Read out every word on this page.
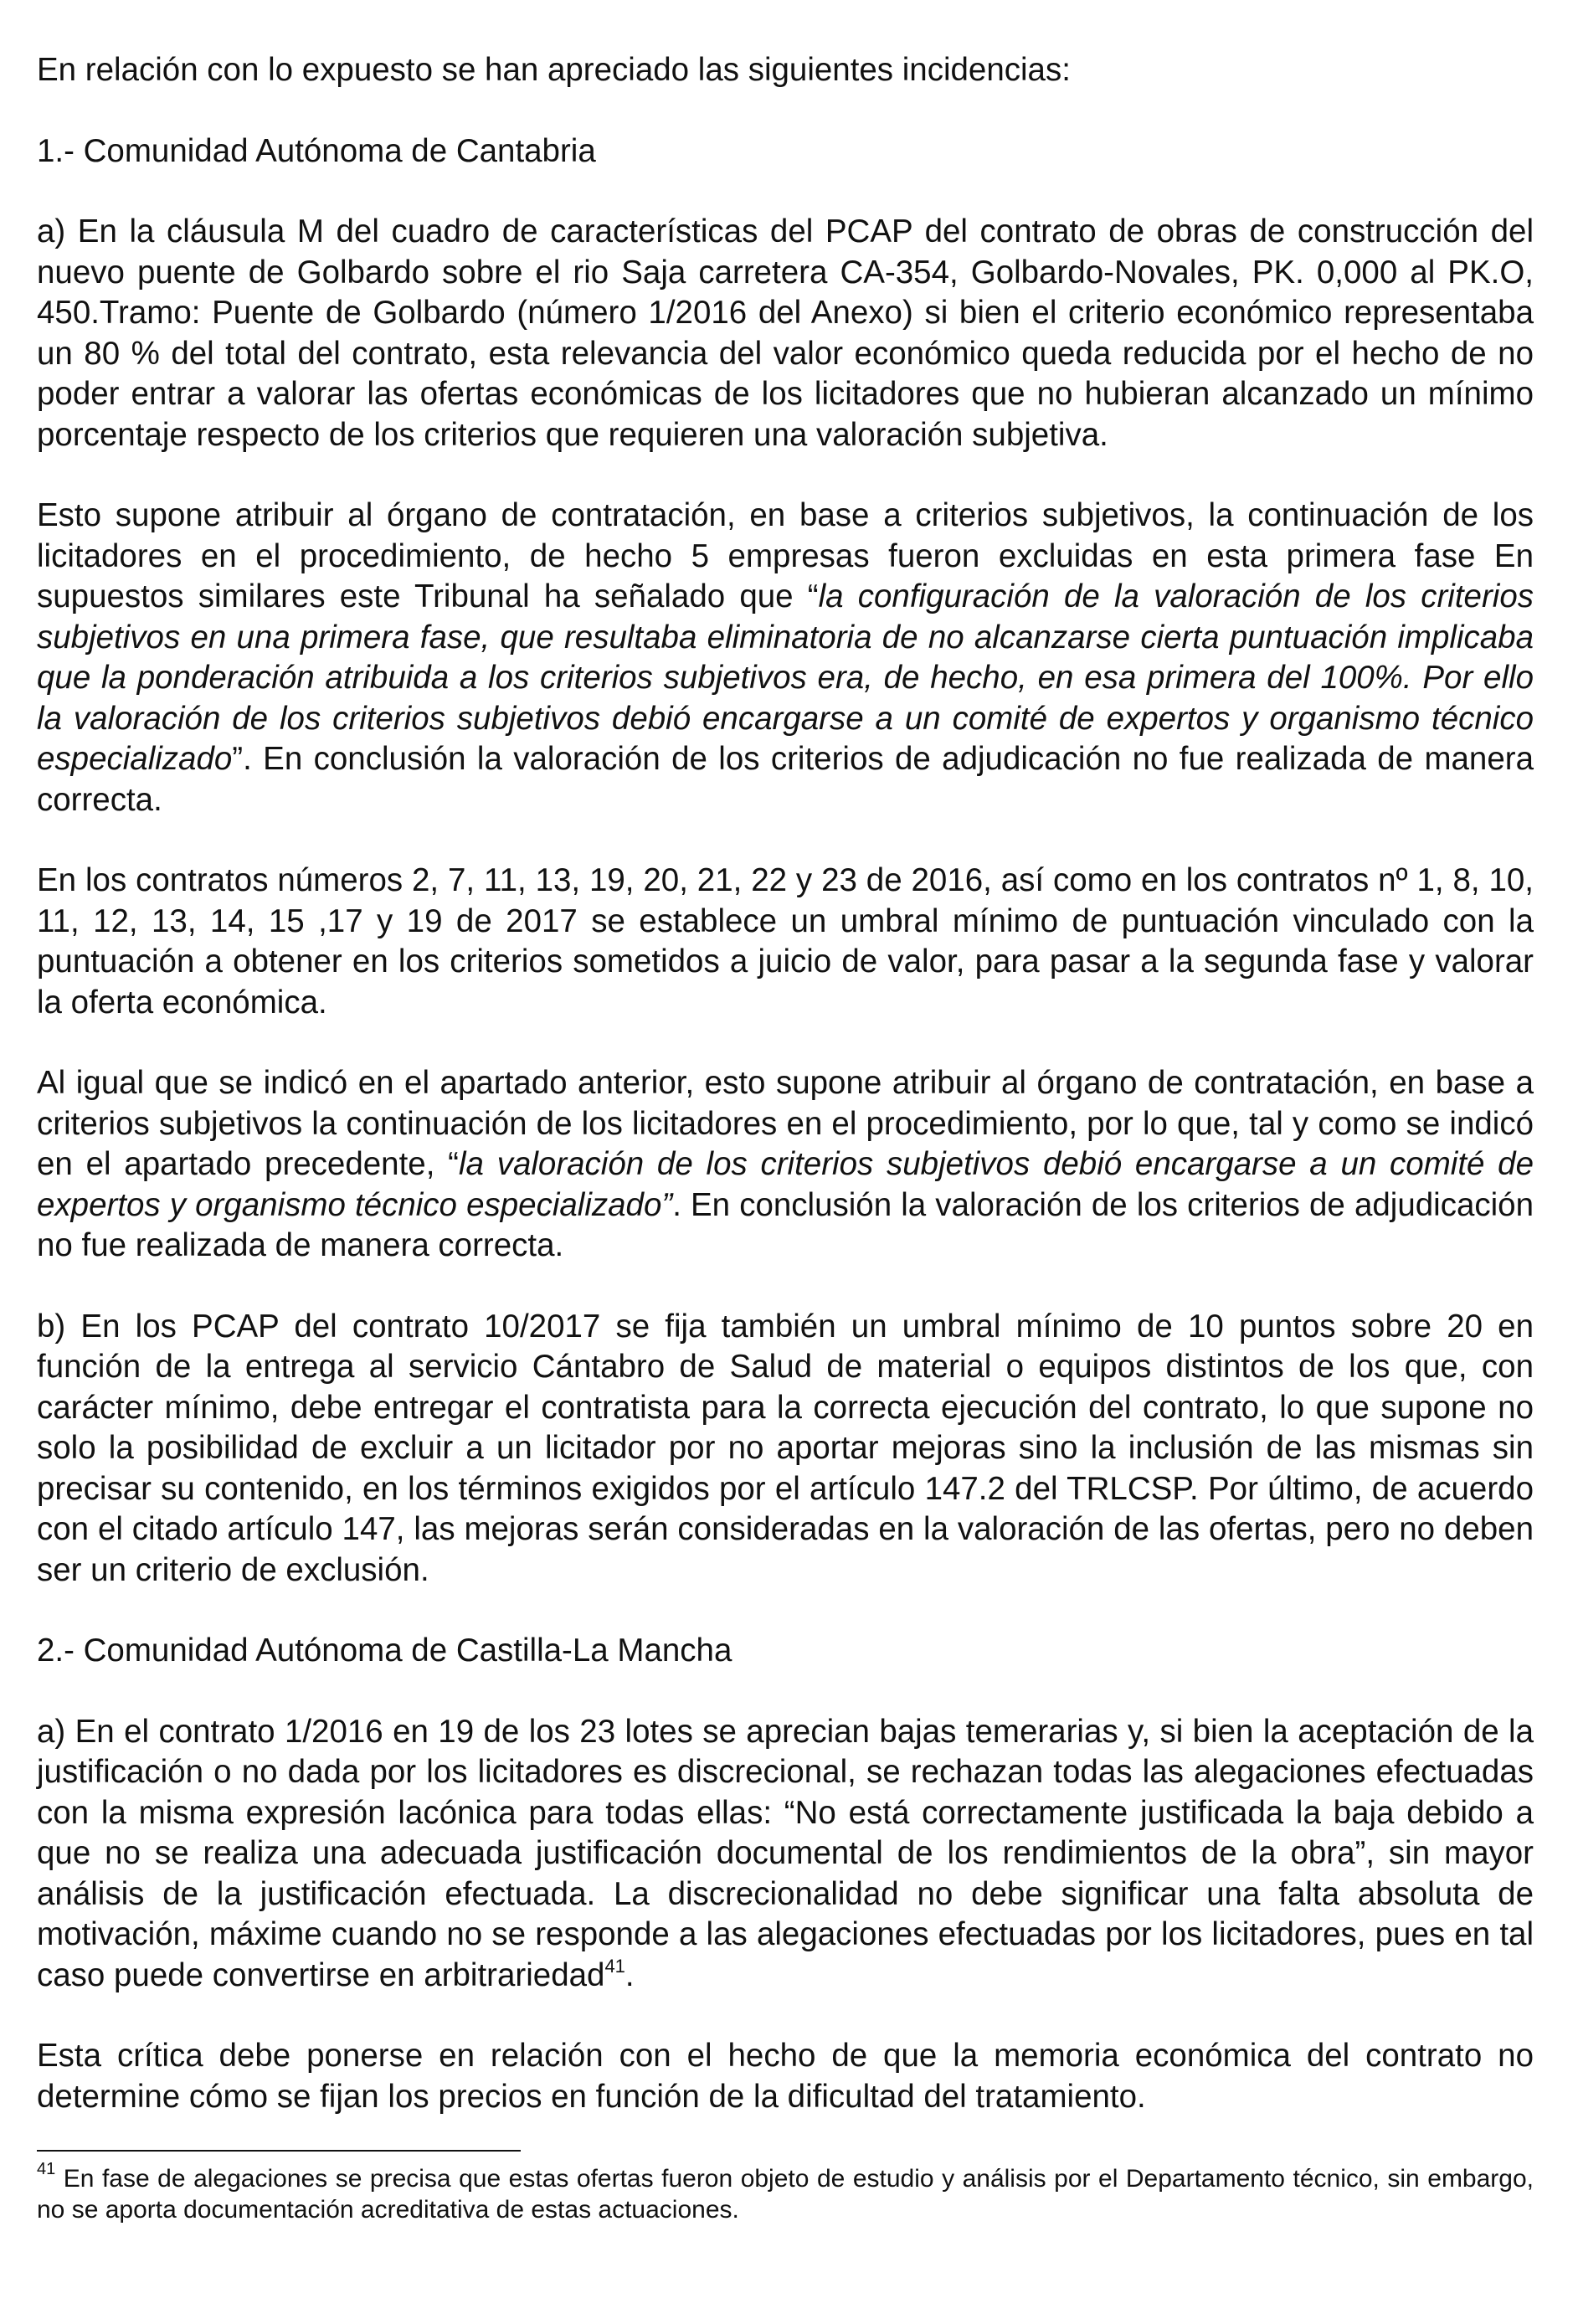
En relación con lo expuesto se han apreciado las siguientes incidencias:

1.- Comunidad Autónoma de Cantabria

a) En la cláusula M del cuadro de características del PCAP del contrato de obras de construcción del nuevo puente de Golbardo sobre el rio Saja carretera CA-354, Golbardo-Novales, PK. 0,000 al PK.O, 450.Tramo: Puente de Golbardo (número 1/2016 del Anexo) si bien el criterio económico representaba un 80 % del total del contrato, esta relevancia del valor económico queda reducida por el hecho de no poder entrar a valorar las ofertas económicas de los licitadores que no hubieran alcanzado un mínimo porcentaje respecto de los criterios que requieren una valoración subjetiva.

Esto supone atribuir al órgano de contratación, en base a criterios subjetivos, la continuación de los licitadores en el procedimiento, de hecho 5 empresas fueron excluidas en esta primera fase En supuestos similares este Tribunal ha señalado que “la configuración de la valoración de los criterios subjetivos en una primera fase, que resultaba eliminatoria de no alcanzarse cierta puntuación implicaba que la ponderación atribuida a los criterios subjetivos era, de hecho, en esa primera del 100%. Por ello la valoración de los criterios subjetivos debió encargarse a un comité de expertos y organismo técnico especializado”. En conclusión la valoración de los criterios de adjudicación no fue realizada de manera correcta.

En los contratos números 2, 7, 11, 13, 19, 20, 21, 22 y 23 de 2016, así como en los contratos nº 1, 8, 10, 11, 12, 13, 14, 15 ,17 y 19 de 2017 se establece un umbral mínimo de puntuación vinculado con la puntuación a obtener en los criterios sometidos a juicio de valor, para pasar a la segunda fase y valorar la oferta económica.

Al igual que se indicó en el apartado anterior, esto supone atribuir al órgano de contratación, en base a criterios subjetivos la continuación de los licitadores en el procedimiento, por lo que, tal y como se indicó en el apartado precedente, “la valoración de los criterios subjetivos debió encargarse a un comité de expertos y organismo técnico especializado”. En conclusión la valoración de los criterios de adjudicación no fue realizada de manera correcta.

b) En los PCAP del contrato 10/2017 se fija también un umbral mínimo de 10 puntos sobre 20 en función de la entrega al servicio Cántabro de Salud de material o equipos distintos de los que, con carácter mínimo, debe entregar el contratista para la correcta ejecución del contrato, lo que supone no solo la posibilidad de excluir a un licitador por no aportar mejoras sino la inclusión de las mismas sin precisar su contenido, en los términos exigidos por el artículo 147.2 del TRLCSP. Por último, de acuerdo con el citado artículo 147, las mejoras serán consideradas en la valoración de las ofertas, pero no deben ser un criterio de exclusión.

2.- Comunidad Autónoma de Castilla-La Mancha

a) En el contrato 1/2016 en 19 de los 23 lotes se aprecian bajas temerarias y, si bien la aceptación de la justificación o no dada por los licitadores es discrecional, se rechazan todas las alegaciones efectuadas con la misma expresión lacónica para todas ellas: “No está correctamente justificada la baja debido a que no se realiza una adecuada justificación documental de los rendimientos de la obra”, sin mayor análisis de la justificación efectuada. La discrecionalidad no debe significar una falta absoluta de motivación, máxime cuando no se responde a las alegaciones efectuadas por los licitadores, pues en tal caso puede convertirse en arbitrariedad$^{41}$.

Esta crítica debe ponerse en relación con el hecho de que la memoria económica del contrato no determine cómo se fijan los precios en función de la dificultad del tratamiento.

$^{41}$ En fase de alegaciones se precisa que estas ofertas fueron objeto de estudio y análisis por el Departamento técnico, sin embargo, no se aporta documentación acreditativa de estas actuaciones.
